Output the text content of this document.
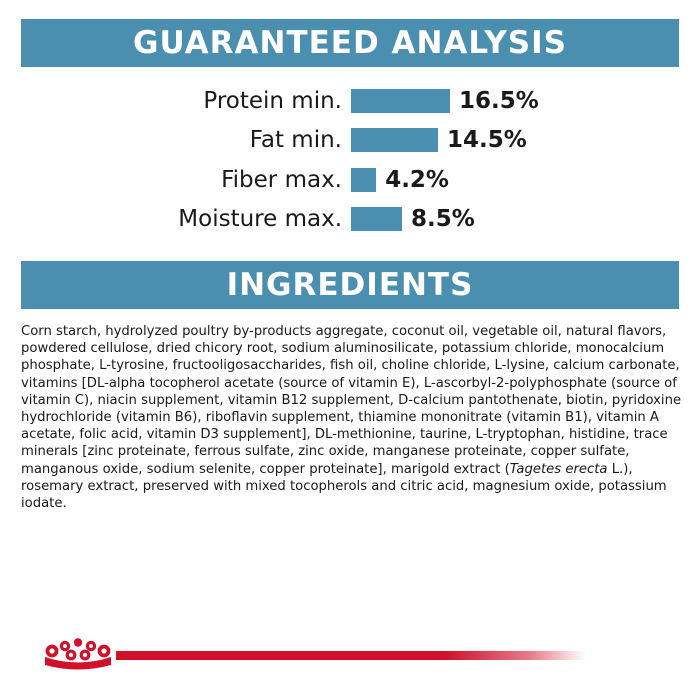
GUARANTEED ANALYSIS
Protein min.	16.5%
Fat min.	14.5%
Fiber max. 4.2%
Moisture max.	8.5%
INGREDIENTS

Corn starch, hydrolyzed poultry by-products aggregate, coconut oil, vegetable oil, natural flavors, powdered cellulose, dried chicory root, sodium aluminosilicate, potassium chloride, monocalcium phosphate, L-tyrosine, fructooligosaccharides, fish oil, choline chloride, L-lysine, calcium carbonate, vitamins [DL-alpha tocopherol acetate (source of vitamin E), L-ascorbyl-2-polyphosphate (source of vitamin C), niacin supplement, vitamin B12 supplement, D-calcium pantothenate, biotin, pyridoxine hydrochloride (vitamin B6), riboflavin supplement, thiamine mononitrate (vitamin B1), vitamin A acetate, folic acid, vitamin D3 supplement], DL-methionine, taurine, L-tryptophan, histidine, trace minerals [zinc proteinate, ferrous sulfate, zinc oxide, manganese proteinate, copper sulfate, manganous oxide, sodium selenite, copper proteinate], marigold extract (Tagetes erecta L.), rosemary extract, preserved with mixed tocopherols and citric acid, magnesium oxide, potassium iodate.
